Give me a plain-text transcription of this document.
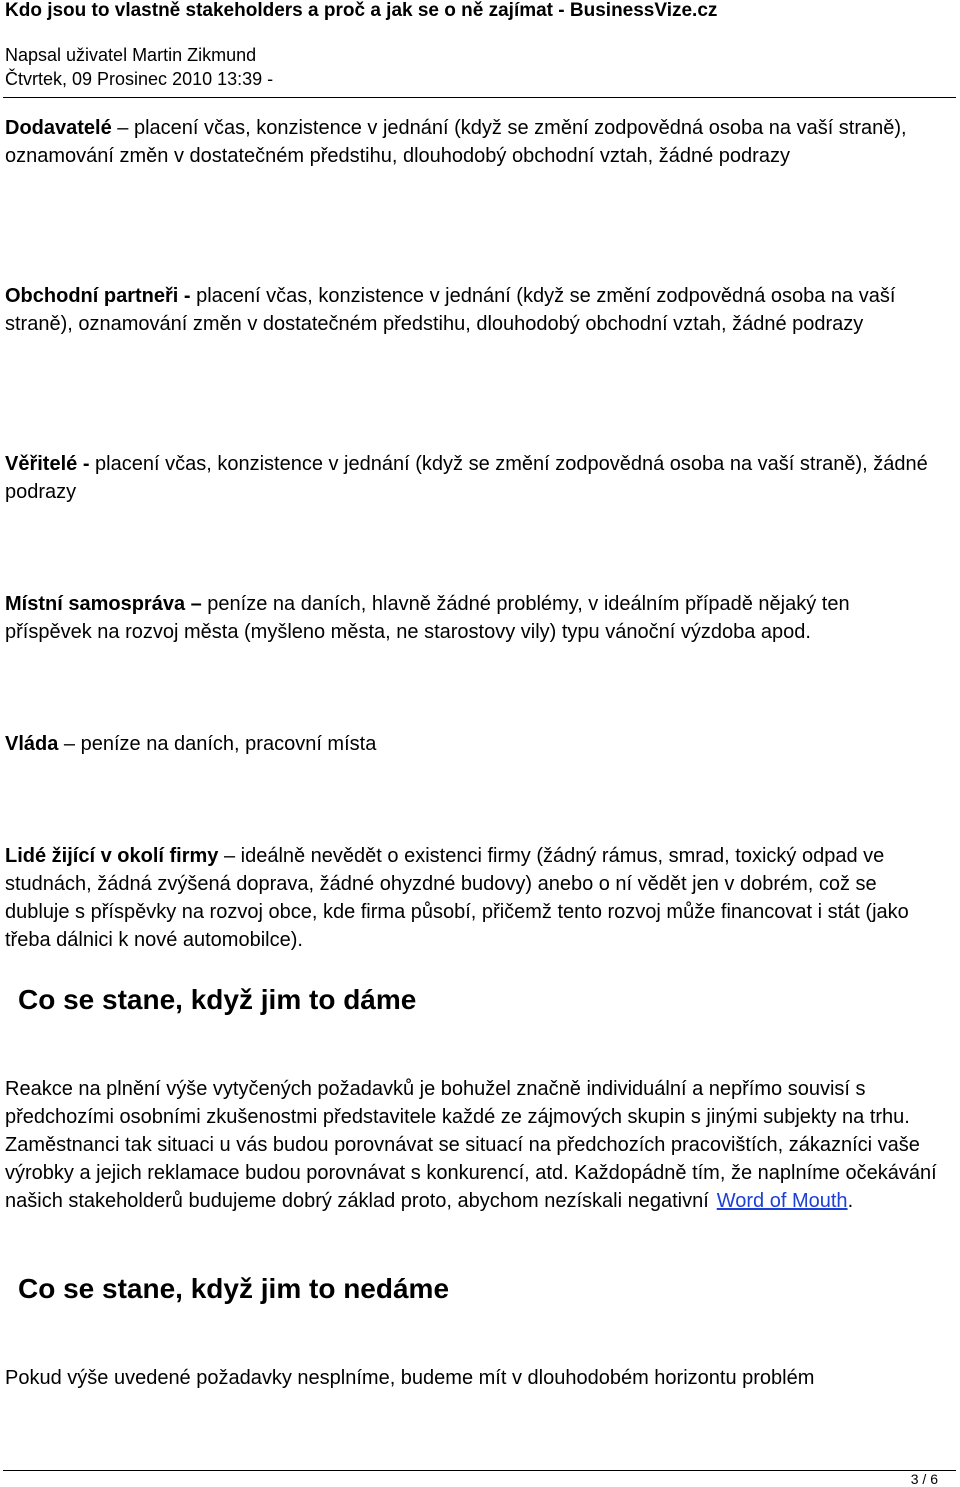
Kdo jsou to vlastně stakeholders a proč a jak se o ně zajímat - BusinessVize.cz
Napsal uživatel Martin Zikmund
Čtvrtek, 09 Prosinec 2010 13:39 -

Dodavatelé – placení včas, konzistence v jednání (když se změní zodpovědná osoba na vaší straně), oznamování změn v dostatečném předstihu, dlouhodobý obchodní vztah, žádné podrazy

Obchodní partneři - placení včas, konzistence v jednání (když se změní zodpovědná osoba na vaší straně), oznamování změn v dostatečném předstihu, dlouhodobý obchodní vztah, žádné podrazy

Věřitelé - placení včas, konzistence v jednání (když se změní zodpovědná osoba na vaší straně), žádné podrazy

Místní samospráva – peníze na daních, hlavně žádné problémy, v ideálním případě nějaký ten příspěvek na rozvoj města (myšleno města, ne starostovy vily) typu vánoční výzdoba apod.

Vláda – peníze na daních, pracovní místa

Lidé žijící v okolí firmy – ideálně nevědět o existenci firmy (žádný rámus, smrad, toxický odpad ve studnách, žádná zvýšená doprava, žádné ohyzdné budovy) anebo o ní vědět jen v dobrém, což se dubluje s příspěvky na rozvoj obce, kde firma působí, přičemž tento rozvoj může financovat i stát (jako třeba dálnici k nové automobilce).

Co se stane, když jim to dáme

Reakce na plnění výše vytyčených požadavků je bohužel značně individuální a nepřímo souvisí s předchozími osobními zkušenostmi představitele každé ze zájmových skupin s jinými subjekty na trhu. Zaměstnanci tak situaci u vás budou porovnávat se situací na předchozích pracovištích, zákazníci vaše výrobky a jejich reklamace budou porovnávat s konkurencí, atd. Každopádně tím, že naplníme očekávání našich stakeholderů budujeme dobrý základ proto, abychom nezískali negativní Word of Mouth.

Co se stane, když jim to nedáme

Pokud výše uvedené požadavky nesplníme, budeme mít v dlouhodobém horizontu problém

3 / 6
